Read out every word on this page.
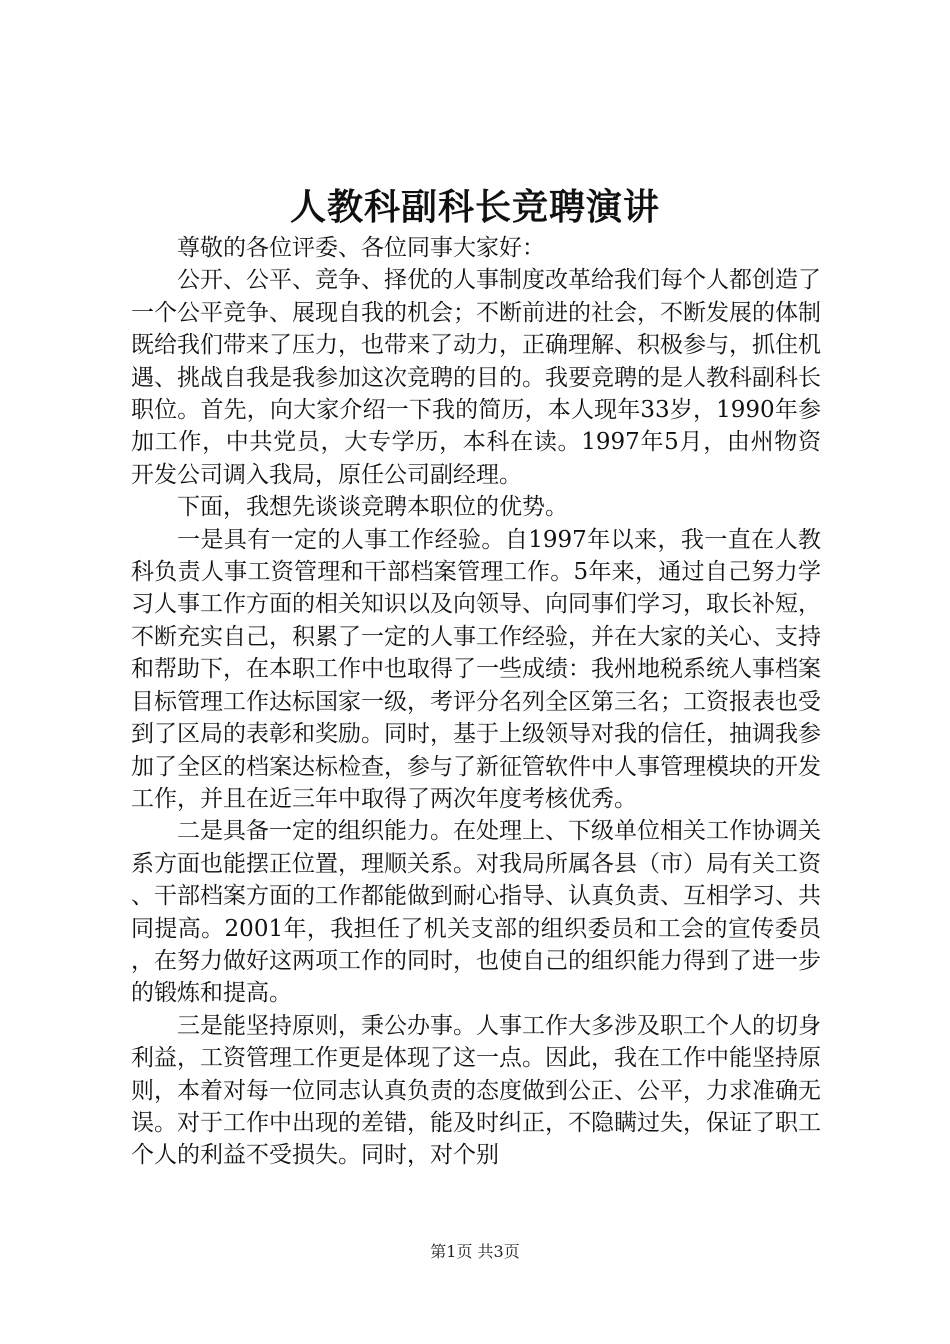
人教科副科长竞聘演讲

尊敬的各位评委、各位同事大家好：

公开、公平、竞争、择优的人事制度改革给我们每个人都创造了一个公平竞争、展现自我的机会；不断前进的社会，不断发展的体制既给我们带来了压力，也带来了动力，正确理解、积极参与，抓住机遇、挑战自我是我参加这次竞聘的目的。我要竞聘的是人教科副科长职位。首先，向大家介绍一下我的简历，本人现年33岁，1990年参加工作，中共党员，大专学历，本科在读。1997年5月，由州物资开发公司调入我局，原任公司副经理。

下面，我想先谈谈竞聘本职位的优势。

一是具有一定的人事工作经验。自1997年以来，我一直在人教科负责人事工资管理和干部档案管理工作。5年来，通过自己努力学习人事工作方面的相关知识以及向领导、向同事们学习，取长补短，不断充实自己，积累了一定的人事工作经验，并在大家的关心、支持和帮助下，在本职工作中也取得了一些成绩：我州地税系统人事档案目标管理工作达标国家一级，考评分名列全区第三名；工资报表也受到了区局的表彰和奖励。同时，基于上级领导对我的信任，抽调我参加了全区的档案达标检查，参与了新征管软件中人事管理模块的开发工作，并且在近三年中取得了两次年度考核优秀。

二是具备一定的组织能力。在处理上、下级单位相关工作协调关系方面也能摆正位置，理顺关系。对我局所属各县（市）局有关工资、干部档案方面的工作都能做到耐心指导、认真负责、互相学习、共同提高。2001年，我担任了机关支部的组织委员和工会的宣传委员，在努力做好这两项工作的同时，也使自己的组织能力得到了进一步的锻炼和提高。

三是能坚持原则，秉公办事。人事工作大多涉及职工个人的切身利益，工资管理工作更是体现了这一点。因此，我在工作中能坚持原则，本着对每一位同志认真负责的态度做到公正、公平，力求准确无误。对于工作中出现的差错，能及时纠正，不隐瞒过失，保证了职工个人的利益不受损失。同时，对个别

第1页 共3页
